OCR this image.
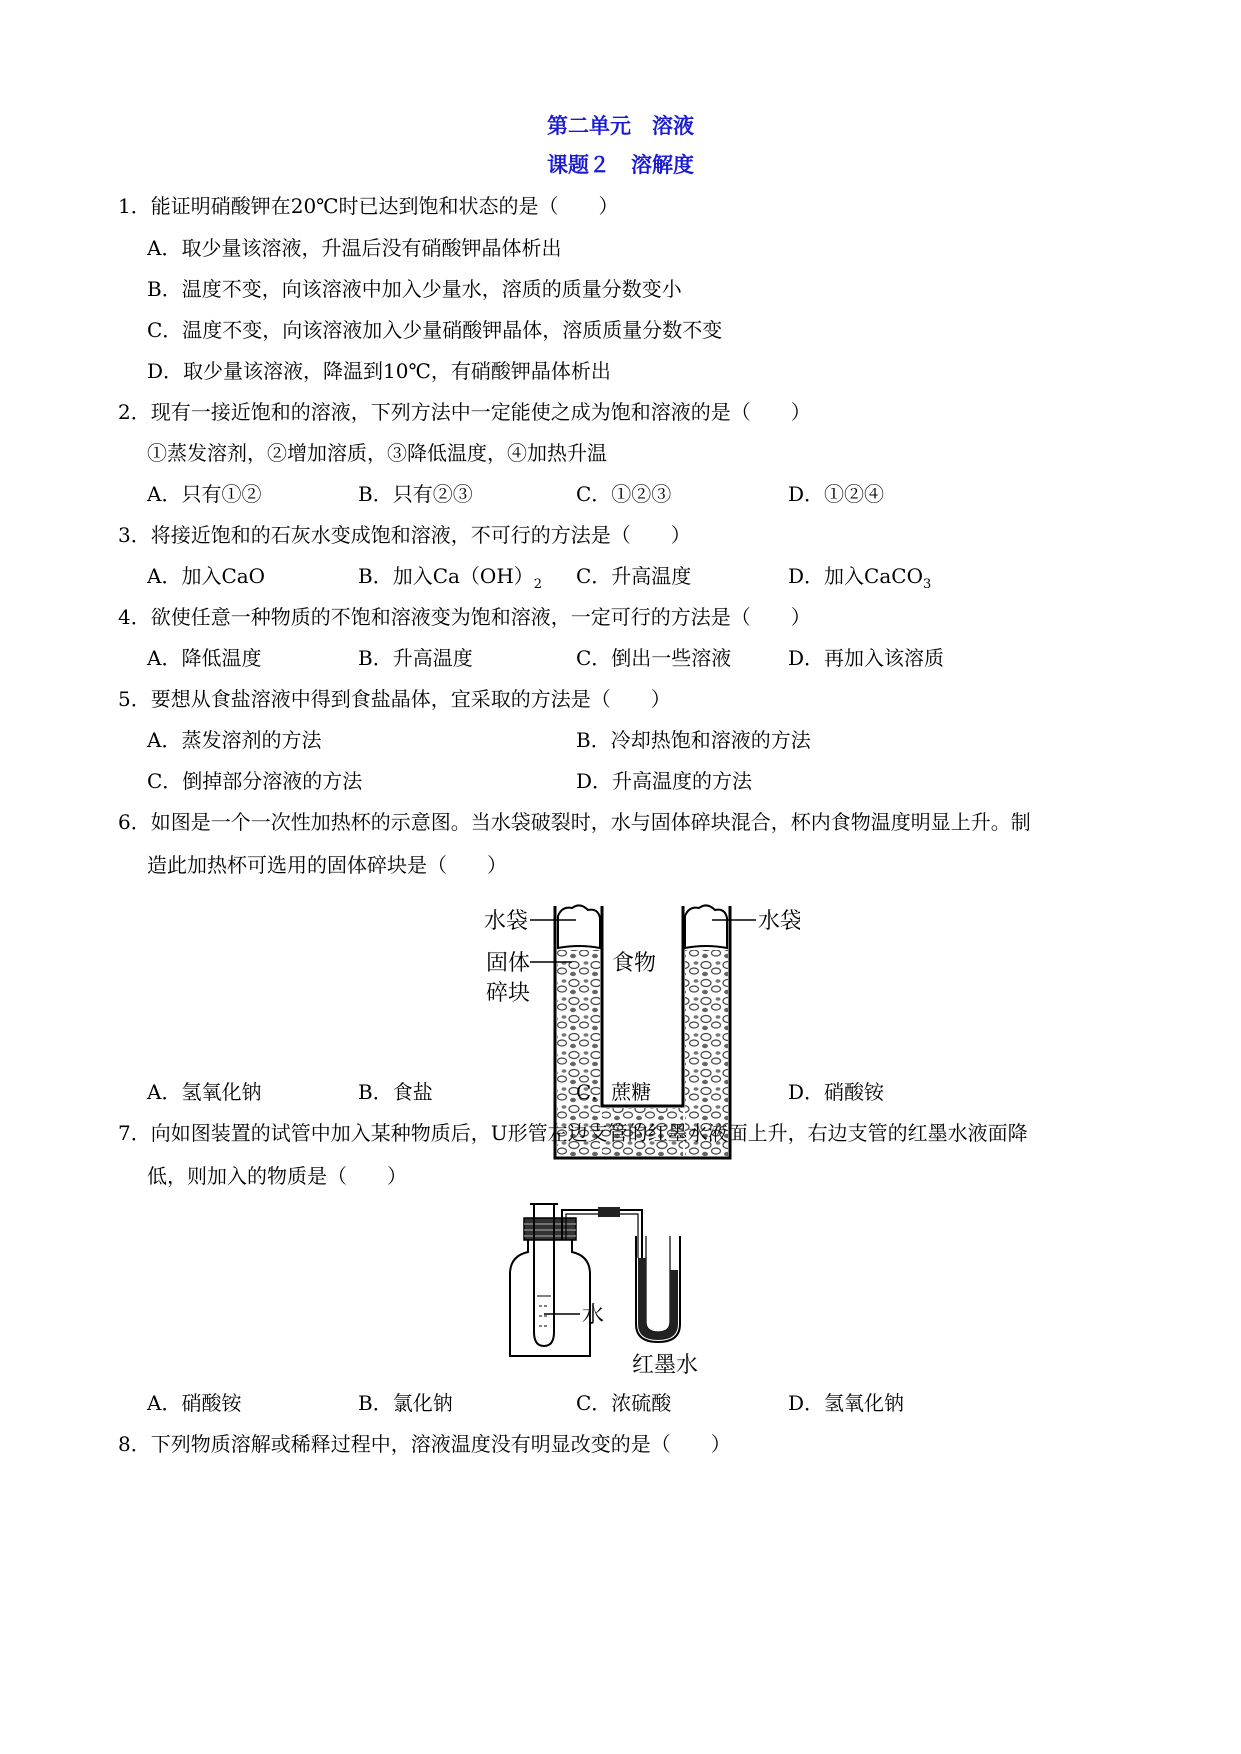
第二单元　溶液
课题２　溶解度
1．能证明硝酸钾在20℃时已达到饱和状态的是（　　）
A．取少量该溶液，升温后没有硝酸钾晶体析出
B．温度不变，向该溶液中加入少量水，溶质的质量分数变小
C．温度不变，向该溶液加入少量硝酸钾晶体，溶质质量分数不变
D．取少量该溶液，降温到10℃，有硝酸钾晶体析出
2．现有一接近饱和的溶液，下列方法中一定能使之成为饱和溶液的是（　　）
①蒸发溶剂，②增加溶质，③降低温度，④加热升温
A．只有①②	B．只有②③	C．①②③	D．①②④
3．将接近饱和的石灰水变成饱和溶液，不可行的方法是（　　）
A．加入CaO	B．加入$Ca(OH)_2$ C．升高温度	D．加入CaCO$_3$
4．欲使任意一种物质的不饱和溶液变为饱和溶液，一定可行的方法是（　　）
A．降低温度	B．升高温度	C．倒出一些溶液	D．再加入该溶质
5．要想从食盐溶液中得到食盐晶体，宜采取的方法是（　　）
A．蒸发溶剂的方法	B．冷却热饱和溶液的方法
C．倒掉部分溶液的方法	D．升高温度的方法
6．如图是一个一次性加热杯的示意图。当水袋破裂时，水与固体碎块混合，杯内食物温度明显上升。制
造此加热杯可选用的固体碎块是（　　）
水袋	水袋
固体
碎块
食物
A．氢氧化钠	B．食盐	C．蔗糖	D．硝酸铵
7．向如图装置的试管中加入某种物质后，U形管左边支管的红墨水液面上升，右边支管的红墨水液面降
低，则加入的物质是（　　）
水
红墨水
A．硝酸铵	B．氯化钠	C．浓硫酸	D．氢氧化钠
8．下列物质溶解或稀释过程中，溶液温度没有明显改变的是（　　）
